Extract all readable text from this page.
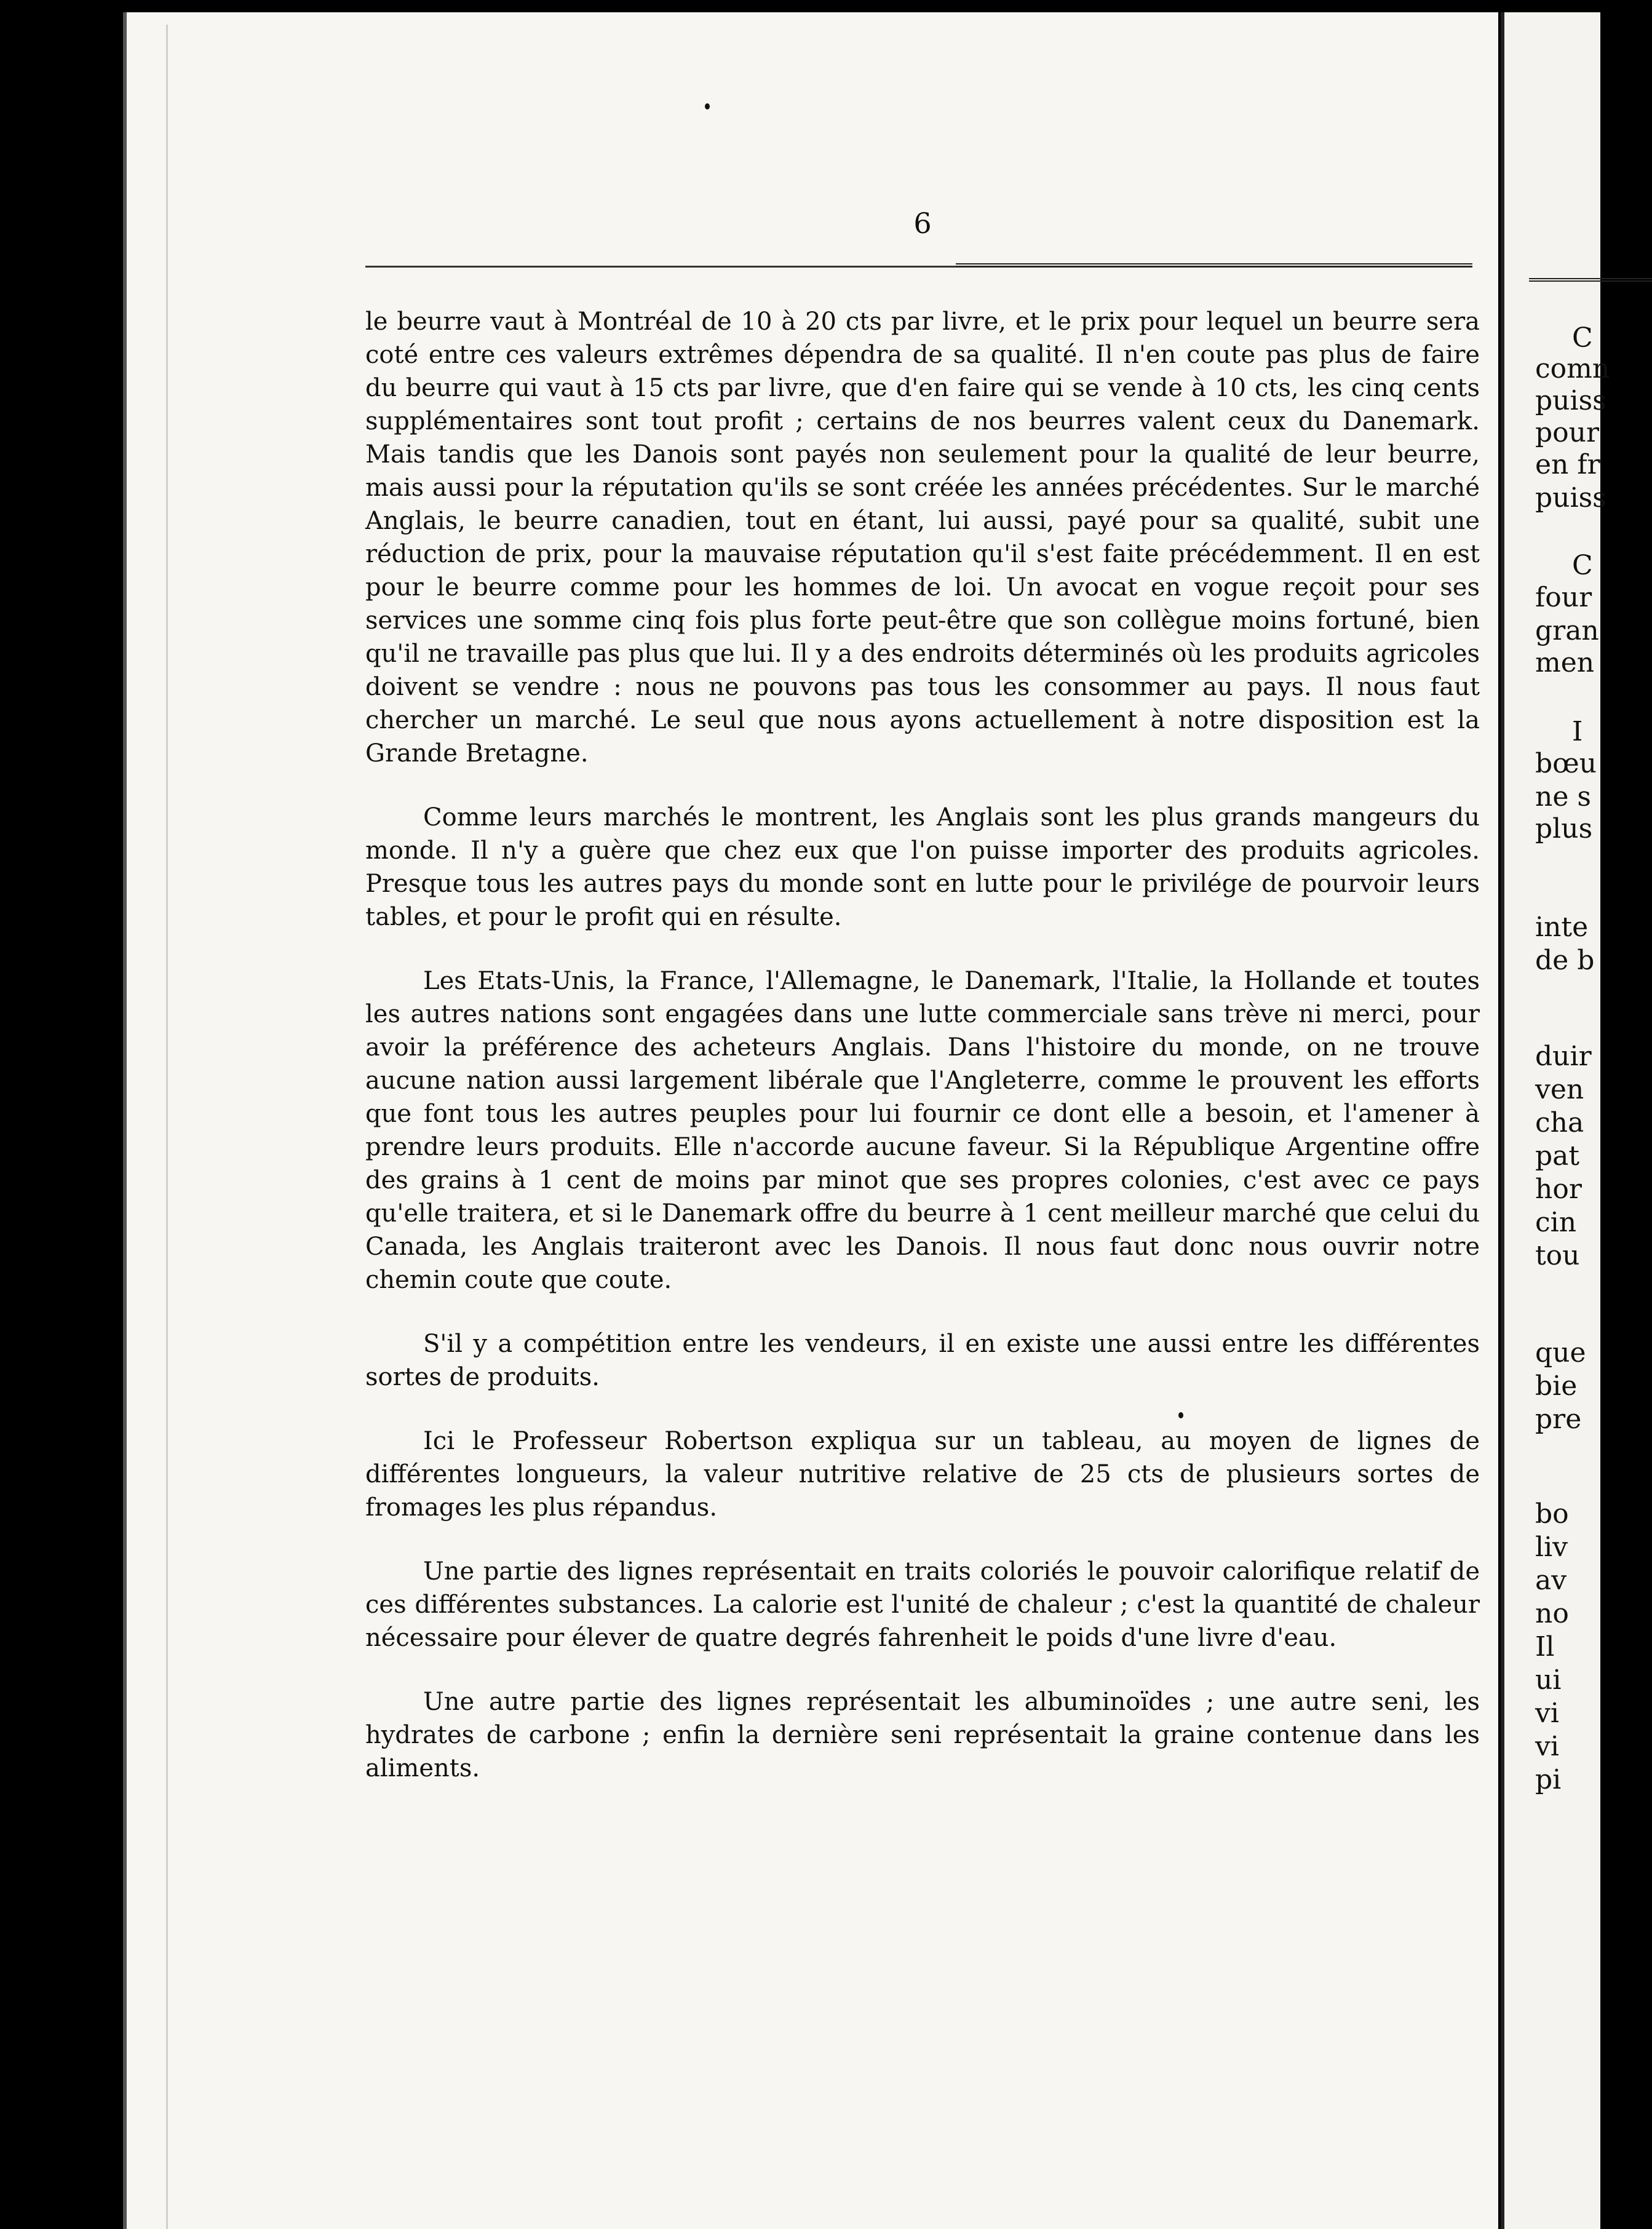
6

le beurre vaut à Montréal de 10 à 20 cts par livre, et le prix pour lequel un beurre sera coté entre ces valeurs extrêmes dépendra de sa qualité. Il n'en coute pas plus de faire du beurre qui vaut à 15 cts par livre, que d'en faire qui se vende à 10 cts, les cinq cents supplémentaires sont tout profit ; certains de nos beurres valent ceux du Danemark. Mais tandis que les Danois sont payés non seulement pour la qualité de leur beurre, mais aussi pour la réputation qu'ils se sont créée les années précédentes. Sur le marché Anglais, le beurre canadien, tout en étant, lui aussi, payé pour sa qualité, subit une réduction de prix, pour la mauvaise réputation qu'il s'est faite précédemment. Il en est pour le beurre comme pour les hommes de loi. Un avocat en vogue reçoit pour ses services une somme cinq fois plus forte peut-être que son collègue moins fortuné, bien qu'il ne travaille pas plus que lui. Il y a des endroits déterminés où les produits agricoles doivent se vendre : nous ne pouvons pas tous les consommer au pays. Il nous faut chercher un marché. Le seul que nous ayons actuellement à notre disposition est la Grande Bretagne.

Comme leurs marchés le montrent, les Anglais sont les plus grands mangeurs du monde. Il n'y a guère que chez eux que l'on puisse importer des produits agricoles. Presque tous les autres pays du monde sont en lutte pour le privilége de pourvoir leurs tables, et pour le profit qui en résulte.

Les Etats-Unis, la France, l'Allemagne, le Danemark, l'Italie, la Hollande et toutes les autres nations sont engagées dans une lutte commerciale sans trève ni merci, pour avoir la préférence des acheteurs Anglais. Dans l'histoire du monde, on ne trouve aucune nation aussi largement libérale que l'Angleterre, comme le prouvent les efforts que font tous les autres peuples pour lui fournir ce dont elle a besoin, et l'amener à prendre leurs produits. Elle n'accorde aucune faveur. Si la République Argentine offre des grains à 1 cent de moins par minot que ses propres colonies, c'est avec ce pays qu'elle traitera, et si le Danemark offre du beurre à 1 cent meilleur marché que celui du Canada, les Anglais traiteront avec les Danois. Il nous faut donc nous ouvrir notre chemin coute que coute.

S'il y a compétition entre les vendeurs, il en existe une aussi entre les différentes sortes de produits.

Ici le Professeur Robertson expliqua sur un tableau, au moyen de lignes de différentes longueurs, la valeur nutritive relative de 25 cts de plusieurs sortes de fromages les plus répandus.

Une partie des lignes représentait en traits coloriés le pouvoir calorifique relatif de ces différentes substances. La calorie est l'unité de chaleur ; c'est la quantité de chaleur nécessaire pour élever de quatre degrés fahrenheit le poids d'une livre d'eau.

Une autre partie des lignes représentait les albuminoïdes ; une autre seni, les hydrates de carbone ; enfin la dernière seni représentait la graine contenue dans les aliments.

C
comn
puiss
pour
en fr
puiss
C
four
gran
men
I
bœu
ne s
plus
inte
de b
duir
ven
cha
pat
hor
cin
tou
que
bie
pre
bo
liv
av
no
Il
ui
vi
vi
pi
